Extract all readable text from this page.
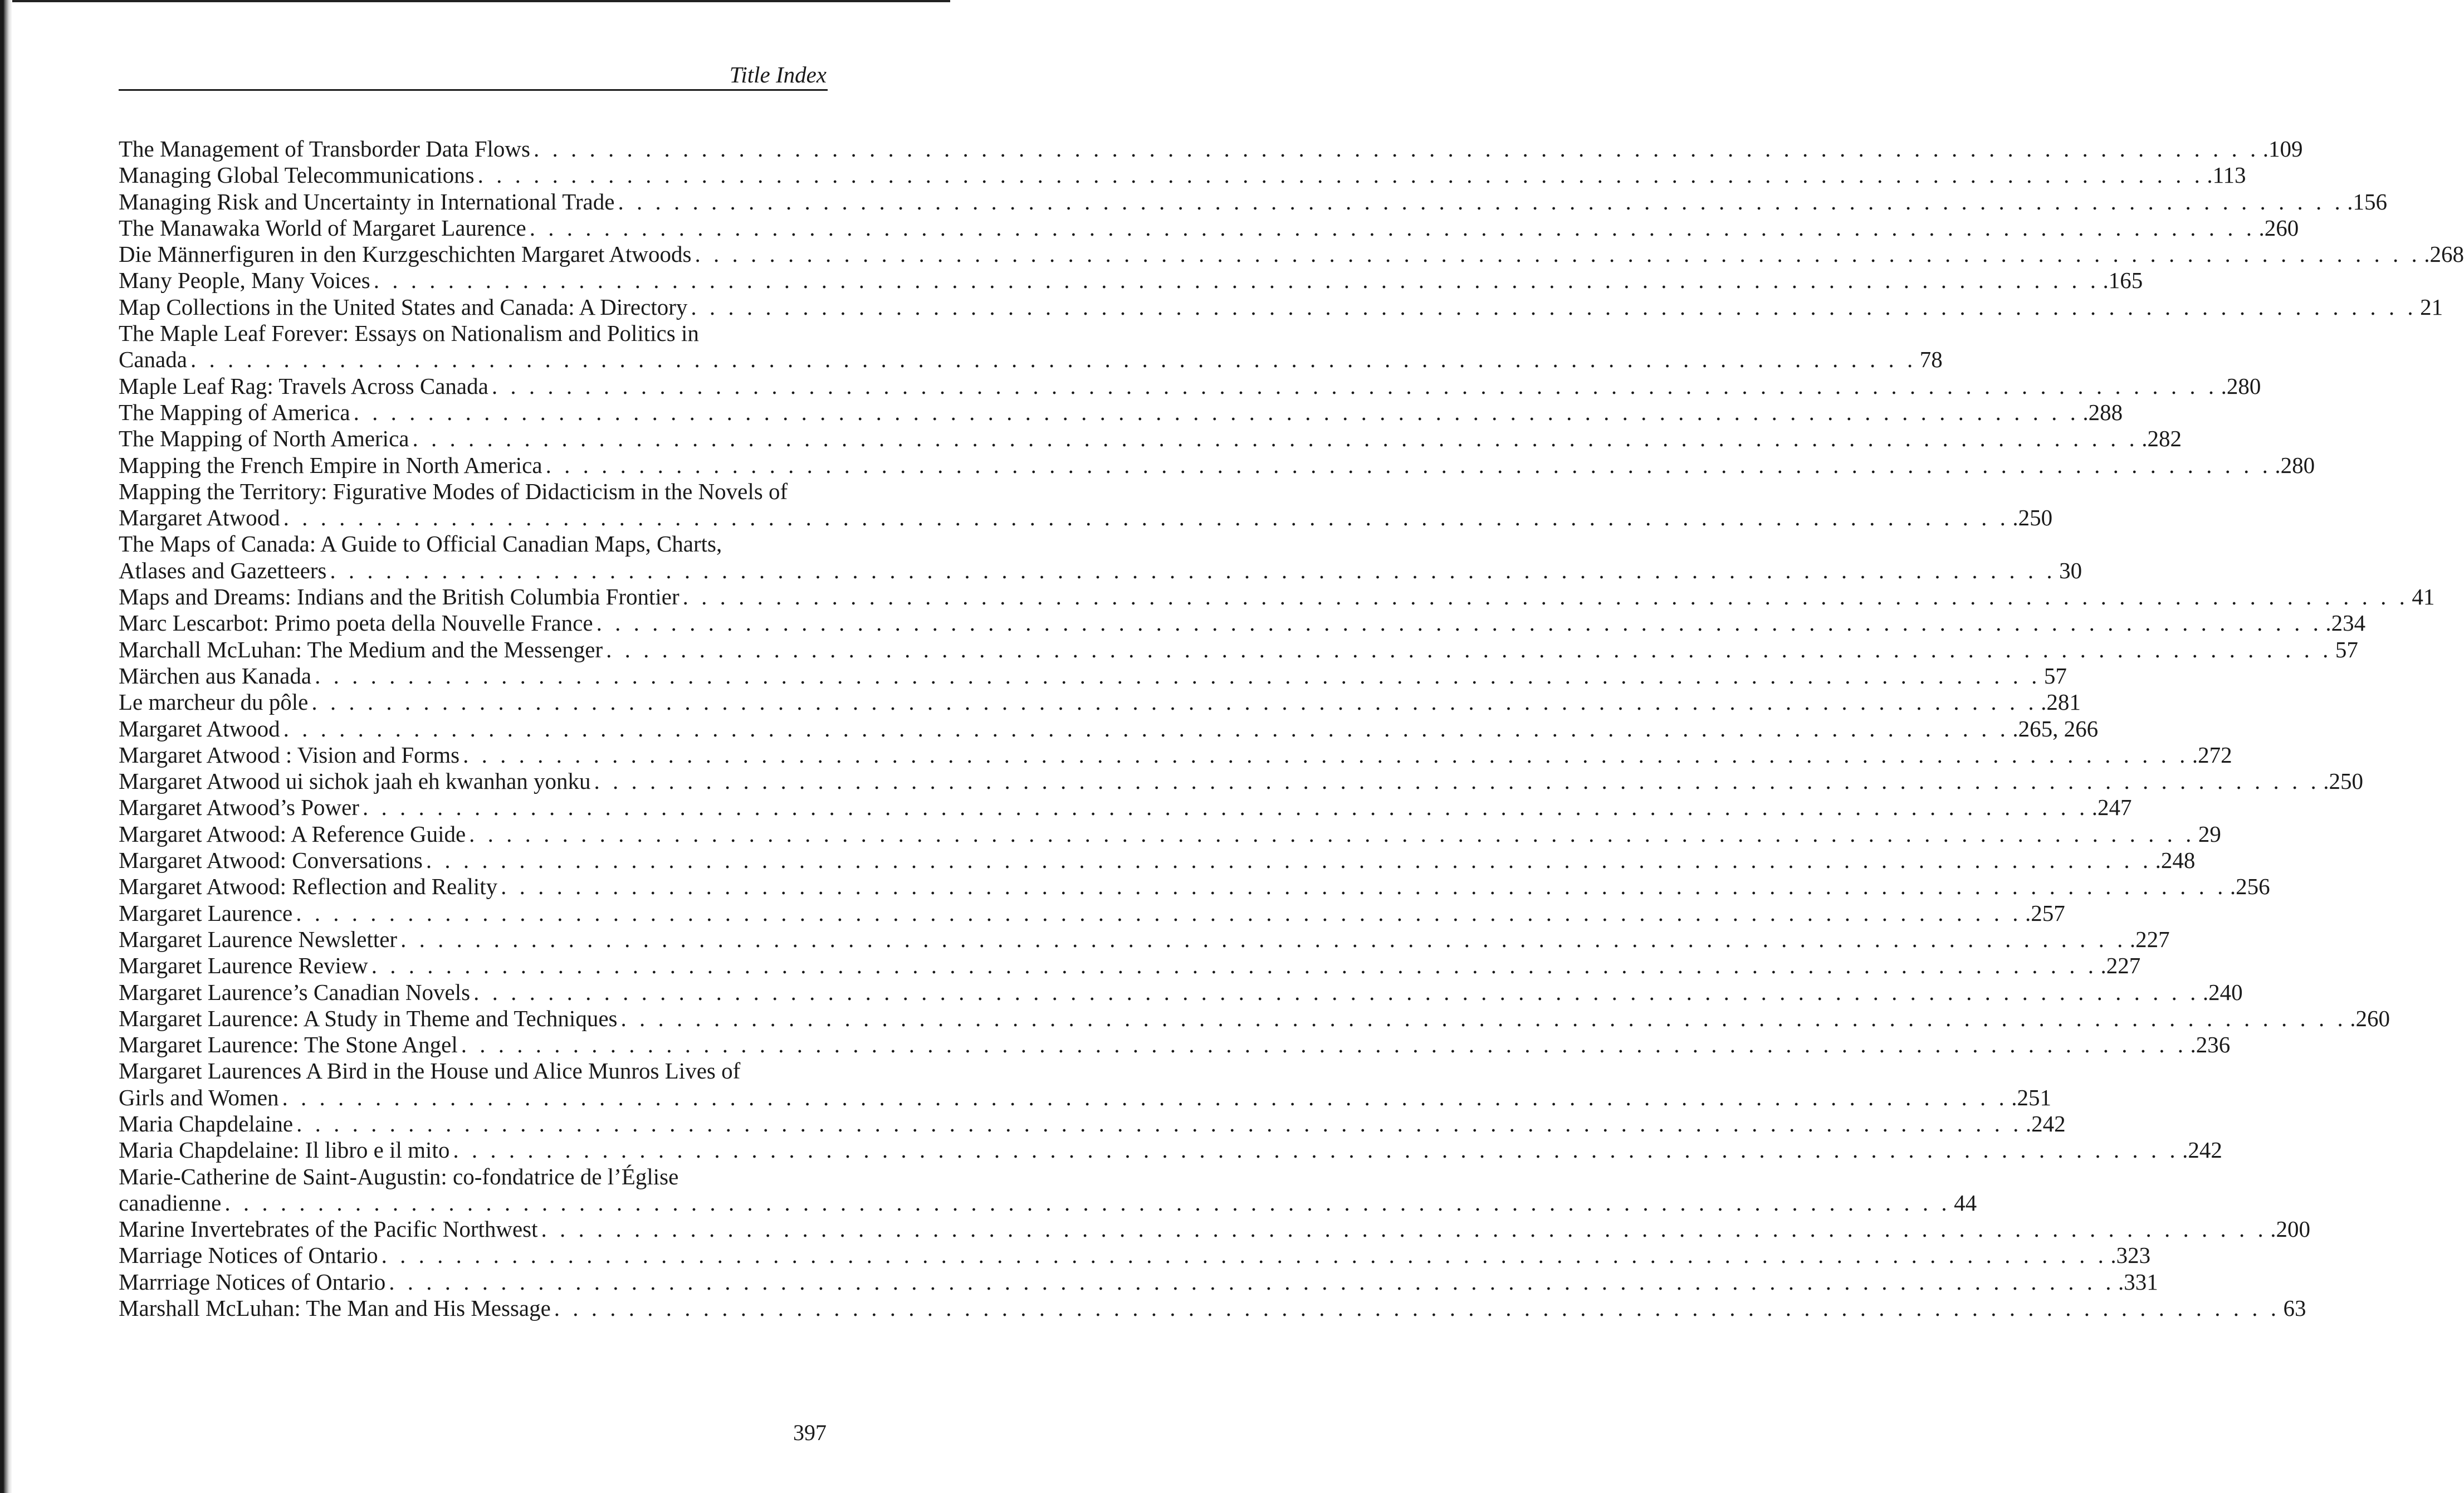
Title Index
The Management of Transborder Data Flows . . .	.109
Managing Global Telecommunications . . .	.113
Managing Risk and Uncertainty in International Trade . . .	.156
The Manawaka World of Margaret Laurence . . .	.260
Die Männerfiguren in den Kurzgeschichten Margaret Atwoods . . .	.268
Many People, Many Voices . . .	.165
Map Collections in the United States and Canada: A Directory . . .	21
The Maple Leaf Forever: Essays on Nationalism and Politics in
Canada . . .	78
Maple Leaf Rag: Travels Across Canada . . .	.280
The Mapping of America . . .	.288
The Mapping of North America . . .	.282
Mapping the French Empire in North America . . .	.280
Mapping the Territory: Figurative Modes of Didacticism in the Novels of
Margaret Atwood . . .	.250
The Maps of Canada: A Guide to Official Canadian Maps, Charts,
Atlases and Gazetteers . . .	30
Maps and Dreams: Indians and the British Columbia Frontier . . .	41
Marc Lescarbot: Primo poeta della Nouvelle France . . .	.234
Marchall McLuhan: The Medium and the Messenger . . .	57
Märchen aus Kanada . . .	57
Le marcheur du pôle . . .	.281
Margaret Atwood . . .	.265, 266
Margaret Atwood : Vision and Forms . . .	.272
Margaret Atwood ui sichok jaah eh kwanhan yonku . . .	.250
Margaret Atwood’s Power . . .	.247
Margaret Atwood: A Reference Guide . . .	29
Margaret Atwood: Conversations . . .	.248
Margaret Atwood: Reflection and Reality . . .	.256
Margaret Laurence . . .	.257
Margaret Laurence Newsletter . . .	.227
Margaret Laurence Review . . .	.227
Margaret Laurence’s Canadian Novels . . .	.240
Margaret Laurence: A Study in Theme and Techniques . . .	.260
Margaret Laurence: The Stone Angel . . .	.236
Margaret Laurences A Bird in the House und Alice Munros Lives of
Girls and Women . . .	.251
Maria Chapdelaine . . .	.242
Maria Chapdelaine: Il libro e il mito . . .	.242
Marie-Catherine de Saint-Augustin: co-fondatrice de l’Église
canadienne . . .	44
Marine Invertebrates of the Pacific Northwest . . .	.200
Marriage Notices of Ontario . . .	.323
Marrriage Notices of Ontario . . .	.331
Marshall McLuhan: The Man and His Message . . .	63
397
